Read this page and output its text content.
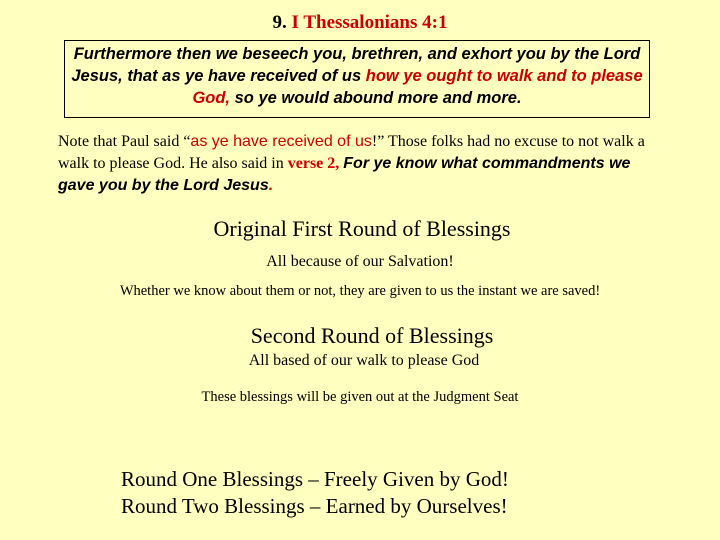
9. I Thessalonians 4:1
Furthermore then we beseech you, brethren, and exhort you by the Lord Jesus, that as ye have received of us how ye ought to walk and to please God, so ye would abound more and more.
Note that Paul said “as ye have received of us!” Those folks had no excuse to not walk a walk to please God. He also said in verse 2, For ye know what commandments we gave you by the Lord Jesus.
Original First Round of Blessings
All because of our Salvation!
Whether we know about them or not, they are given to us the instant we are saved!
Second Round of Blessings
All based of our walk to please God
These blessings will be given out at the Judgment Seat
Round One Blessings – Freely Given by God!
Round Two Blessings – Earned by Ourselves!
